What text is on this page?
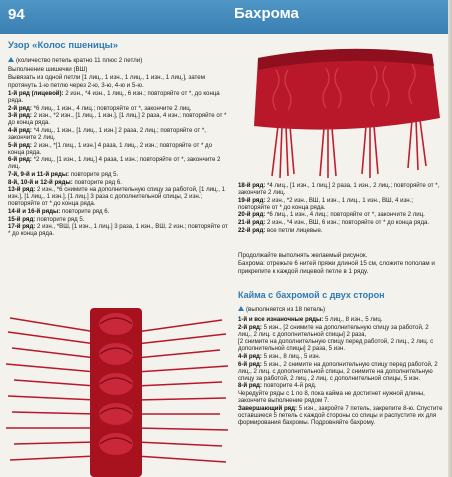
94	Бахрома
Узор «Колос пшеницы»
(количество петель кратно 11 плюс 2 петли)
Выполнение шишечки (ВШ)
Вывязать из одной петли [1 лиц., 1 изн., 1 лиц., 1 изн., 1 лиц.], затем протянуть 1-ю петлю через 2-ю, 3-ю, 4-ю и 5-ю.
1-й ряд (лицевой): 2 изн., *4 изн., 1 лиц., 6 изн.; повторяйте от *, до конца ряда.
2-й ряд: *6 лиц., 1 изн., 4 лиц.; повторяйте от *, закончите 2 лиц.
3-й ряд: 2 изн., *2 изн., [1 лиц., 1 изн.], [1 лиц.] 2 раза, 4 изн.; повторяйте от * до конца ряда.
4-й ряд: *4 лиц., 1 изн., [1 лиц., 1 изн.] 2 раза, 2 лиц.; повторяйте от *, закончите 2 лиц.
5-й ряд: 2 изн., *[1 лиц., 1 изн.] 4 раза, 1 лиц., 2 изн.; повторяйте от * до конца ряда.
6-й ряд: *2 лиц., [1 изн., 1 лиц.] 4 раза, 1 изн.; повторяйте от *, закончите 2 лиц.
7-й, 9-й и 11-й ряды: повторите ряд 5.
8-й, 10-й и 12-й ряды: повторите ряд 6.
13-й ряд: 2 изн., *6 снимите на дополнительную спицу за работой, [1 лиц., 1 изн.], [1 лиц., 1 изн.], [1 лиц.] 3 раза с дополнительной спицы, 2 изн.; повторяйте от * до конца ряда.
14-й и 16-й ряды: повторите ряд 6.
15-й ряд: повторите ряд 5.
17-й ряд: 2 изн., *ВШ, [1 изн., 1 лиц.] 3 раза, 1 изн., ВШ, 2 изн.; повторяйте от * до конца ряда.
18-й ряд: *4 лиц., [1 изн., 1 лиц.] 2 раза, 1 изн., 2 лиц.; повторяйте от *, закончите 2 лиц.
19-й ряд: 2 изн., *2 изн., ВШ, 1 изн., 1 лиц., 1 изн., ВШ, 4 изн.; повторяйте от * до конца ряда.
20-й ряд: *6 лиц., 1 изн., 4 лиц.; повторяйте от *, закончите 2 лиц.
21-й ряд: 2 изн., *4 изн., ВШ, 6 изн.; повторяйте от * до конца ряда.
22-й ряд: все петли лицевые.
Продолжайте выполнять желаемый рисунок.
Бахрома: отрежьте 6 нитей пряжи длиной 15 см, сложите пополам и прикрепите к каждой лицевой петле в 1 ряду.
Кайма с бахромой с двух сторон
(выполняется из 18 петель)
1-й и все изнаночные ряды: 5 лиц., 8 изн., 5 лиц.
2-й ряд: 5 изн., [2 снимите на дополнительную спицу за работой, 2 лиц., 2 лиц. с дополнительной спицы] 2 раза,
[2 снимите на дополнительную спицу перед работой, 2 лиц., 2 лиц. с дополнительной спицы] 2 раза, 5 изн.
4-й ряд: 5 изн., 8 лиц., 5 изн.
6-й ряд: 5 изн., 2 снимите на дополнительную спицу перед работой, 2 лиц., 2 лиц. с дополнительной спицы, 2 снимите на дополнительную спицу за работой, 2 лиц., 2 лиц. с дополнительной спицы, 5 изн.
8-й ряд: повторите 4-й ряд.
Чередуйте ряды с 1 по 8, пока кайма не достигнет нужной длины, закончите выполнение рядом 7.
Завершающий ряд: 5 изн., закройте 7 петель, закрепите 8-ю. Спустите оставшиеся 5 петель с каждой стороны со спицы и распустите их для формирования бахромы. Подровняйте бахрому.
